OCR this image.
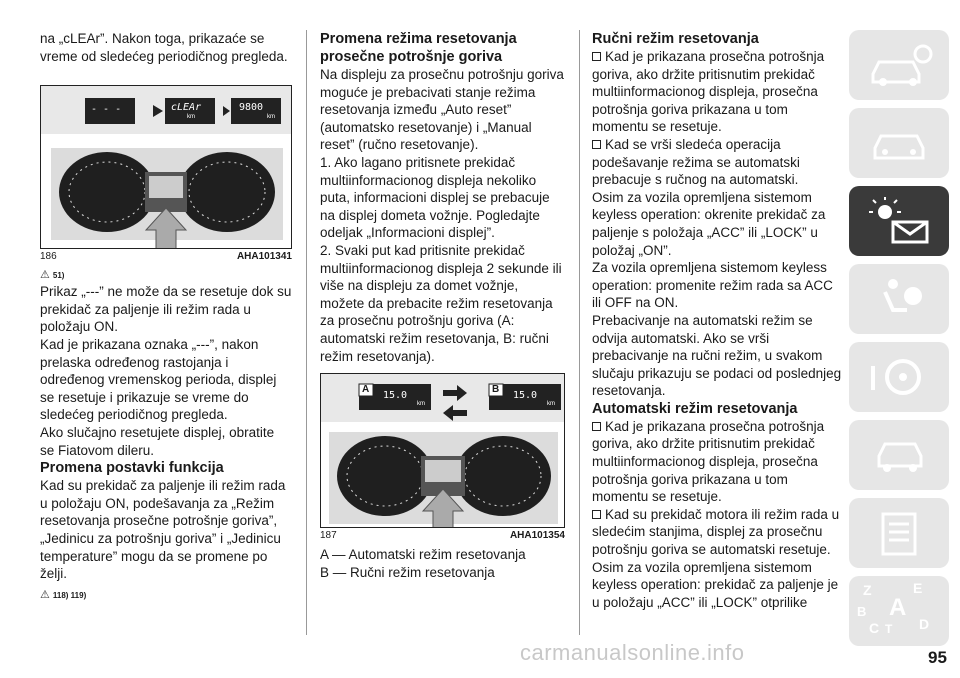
na „cLEAr”. Nakon toga, prikazaće se vreme od sledećeg periodičnog pregleda.

- - -	cLEAr	9800
km	km
186	AHA101341
⚠ 51)

Prikaz „---” ne može da se resetuje dok su prekidač za paljenje ili režim rada u položaju ON.

Kad je prikazana oznaka „---”, nakon prelaska određenog rastojanja i određenog vremenskog perioda, displej se resetuje i prikazuje se vreme do sledećeg periodičnog pregleda.

Ako slučajno resetujete displej, obratite se Fiatovom dileru.

Promena postavki funkcija

Kad su prekidač za paljenje ili režim rada u položaju ON, podešavanja za „Režim resetovanja prosečne potrošnje goriva”, „Jedinicu za potrošnju goriva” i „Jedinicu temperature” mogu da se promene po želji.

⚠ 118) 119)
Promena režima resetovanja prosečne potrošnje goriva

Na displeju za prosečnu potrošnju goriva moguće je prebacivati stanje režima resetovanja između „Auto reset” (automatsko resetovanje) i „Manual reset” (ručno resetovanje).

1. Ako lagano pritisnete prekidač multiinformacionog displeja nekoliko puta, informacioni displej se prebacuje na displej dometa vožnje. Pogledajte odeljak „Informacioni displej”.

2. Svaki put kad pritisnite prekidač multiinformacionog displeja 2 sekunde ili više na displeju za domet vožnje, možete da prebacite režim resetovanja za prosečnu potrošnju goriva (A: automatski režim resetovanja, B: ručni režim resetovanja).

A	B
15.0	15.0
km	km
187	AHA101354

A — Automatski režim resetovanja

B — Ručni režim resetovanja

Ručni režim resetovanja

Kad je prikazana prosečna potrošnja goriva, ako držite pritisnutim prekidač multiinformacionog displeja, prosečna potrošnja goriva prikazana u tom momentu se resetuje.

Kad se vrši sledeća operacija podešavanje režima se automatski prebacuje s ručnog na automatski.

Osim za vozila opremljena sistemom keyless operation: okrenite prekidač za paljenje s položaja „ACC” ili „LOCK” u položaj „ON”.

Za vozila opremljena sistemom keyless operation: promenite režim rada sa ACC ili OFF na ON.

Prebacivanje na automatski režim se odvija automatski. Ako se vrši prebacivanje na ručni režim, u svakom slučaju prikazuju se podaci od poslednjeg resetovanja.

Automatski režim resetovanja

Kad je prikazana prosečna potrošnja goriva, ako držite pritisnutim prekidač multiinformacionog displeja, prosečna potrošnja goriva prikazana u tom momentu se resetuje.

Kad su prekidač motora ili režim rada u sledećim stanjima, displej za prosečnu potrošnju goriva se automatski resetuje. Osim za vozila opremljena sistemom keyless operation: prekidač za paljenje je u položaju „ACC” ili „LOCK” otprilike

Z	E
B A
C T D
carmanualsonline.info	95
